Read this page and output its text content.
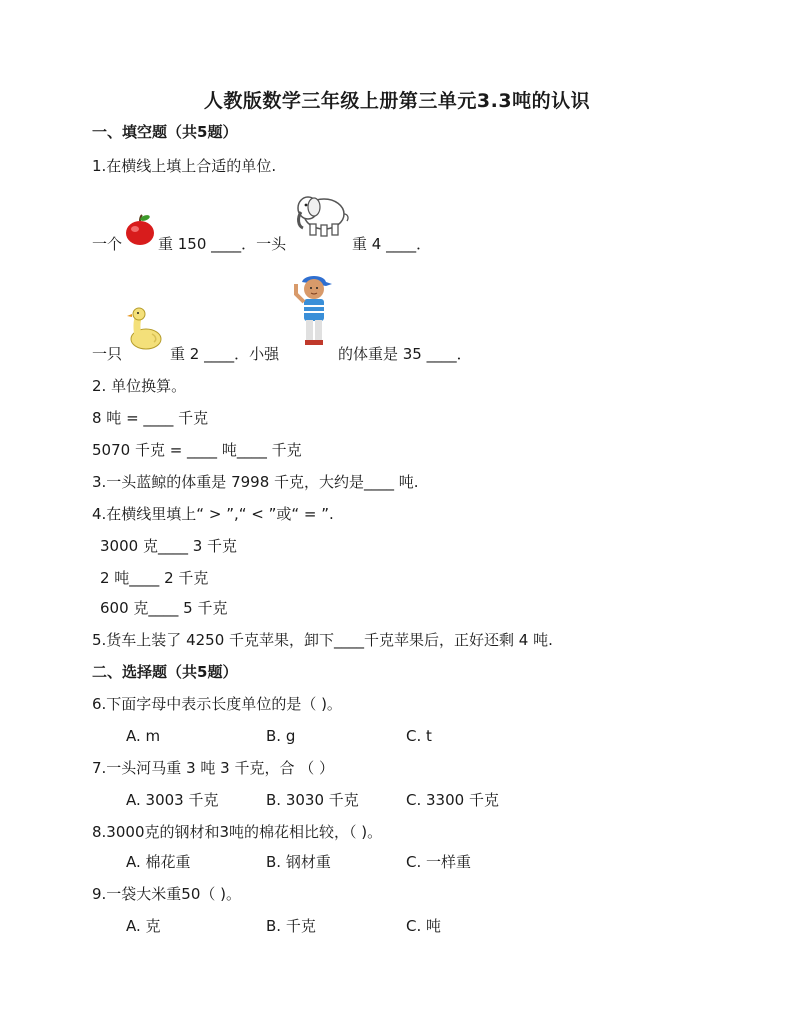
人教版数学三年级上册第三单元3.3吨的认识
一、填空题（共5题）
1.在横线上填上合适的单位.
一个 重 150 ____．一头	重 4 ____．
一只	重 2 ____．小强	的体重是 35 ____．
2. 单位换算。
8 吨 = ____ 千克
5070 千克 = ____ 吨____ 千克
3.一头蓝鲸的体重是 7998 千克，大约是____ 吨.
4.在横线里填上“ > ”,“ < ”或“ = ”.
3000 克____ 3 千克
2 吨____ 2 千克
600 克____ 5 千克
5.货车上装了 4250 千克苹果，卸下____千克苹果后，正好还剩 4 吨.
二、选择题（共5题）
6.下面字母中表示长度单位的是（ )。
A. m	B. g	C. t
7.一头河马重 3 吨 3 千克，合 （ ）
A. 3003 千克	B. 3030 千克	C. 3300 千克
8.3000克的钢材和3吨的棉花相比较，（ )。
A. 棉花重	B. 钢材重	C. 一样重
9.一袋大米重50（ )。
A. 克	B. 千克	C. 吨
